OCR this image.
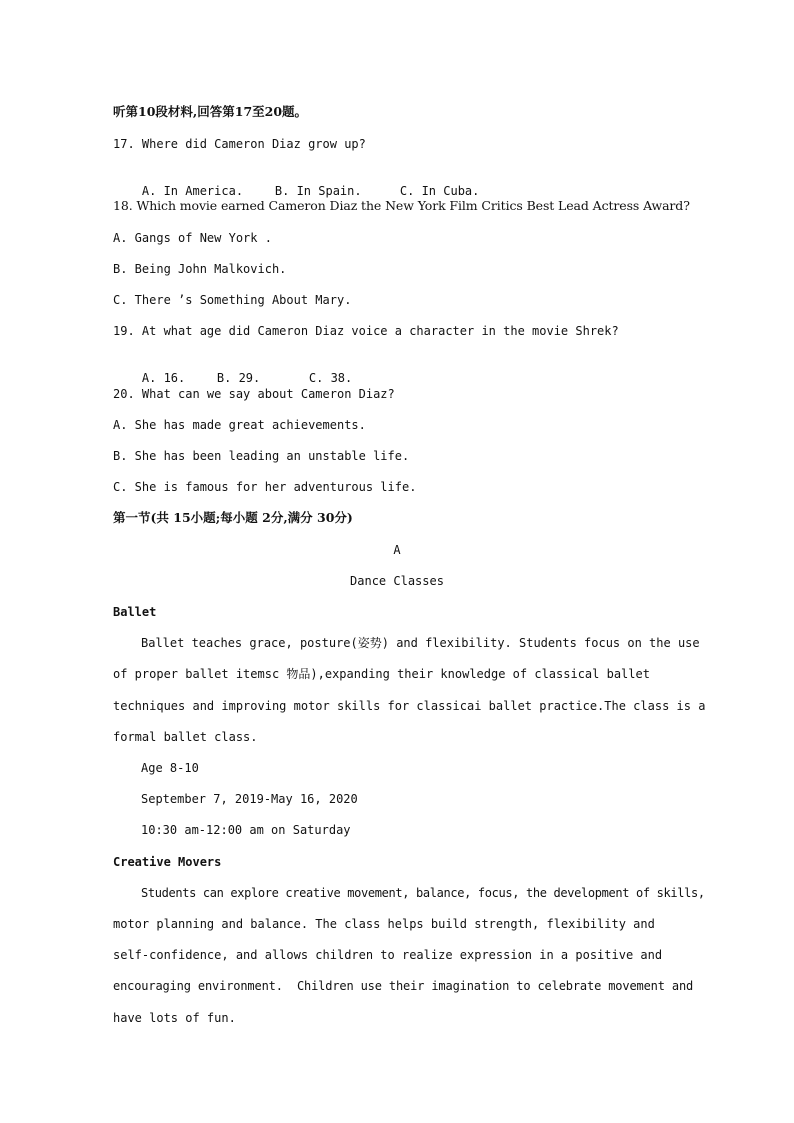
听第10段材料,回答第17至20题。
17. Where did Cameron Diaz grow up?

A. In America.	B. In Spain.	C. In Cuba.

18. Which movie earned Cameron Diaz the New York Film Critics Best Lead Actress Award?
A. Gangs of New York .
B. Being John Malkovich.
C. There ’s Something About Mary.
19. At what age did Cameron Diaz voice a character in the movie Shrek?

A. 16.	B. 29.	C. 38.

20. What can we say about Cameron Diaz?
A. She has made great achievements.
B. She has been leading an unstable life.
C. She is famous for her adventurous life.
第一节(共 15小题;每小题 2分,满分 30分)
A
Dance Classes
Ballet
Ballet teaches grace, posture(姿势) and flexibility. Students focus on the use
of proper ballet itemsc 物品),expanding their knowledge of classical ballet
techniques and improving motor skills for classicai ballet practice.The class is a
formal ballet class.
Age 8-10
September 7, 2019-May 16, 2020
10:30 am-12:00 am on Saturday
Creative Movers
Students can explore creative movement, balance, focus, the development of skills,
motor planning and balance. The class helps build strength, flexibility and
self-confidence, and allows children to realize expression in a positive and
encouraging environment.  Children use their imagination to celebrate movement and
have lots of fun.
